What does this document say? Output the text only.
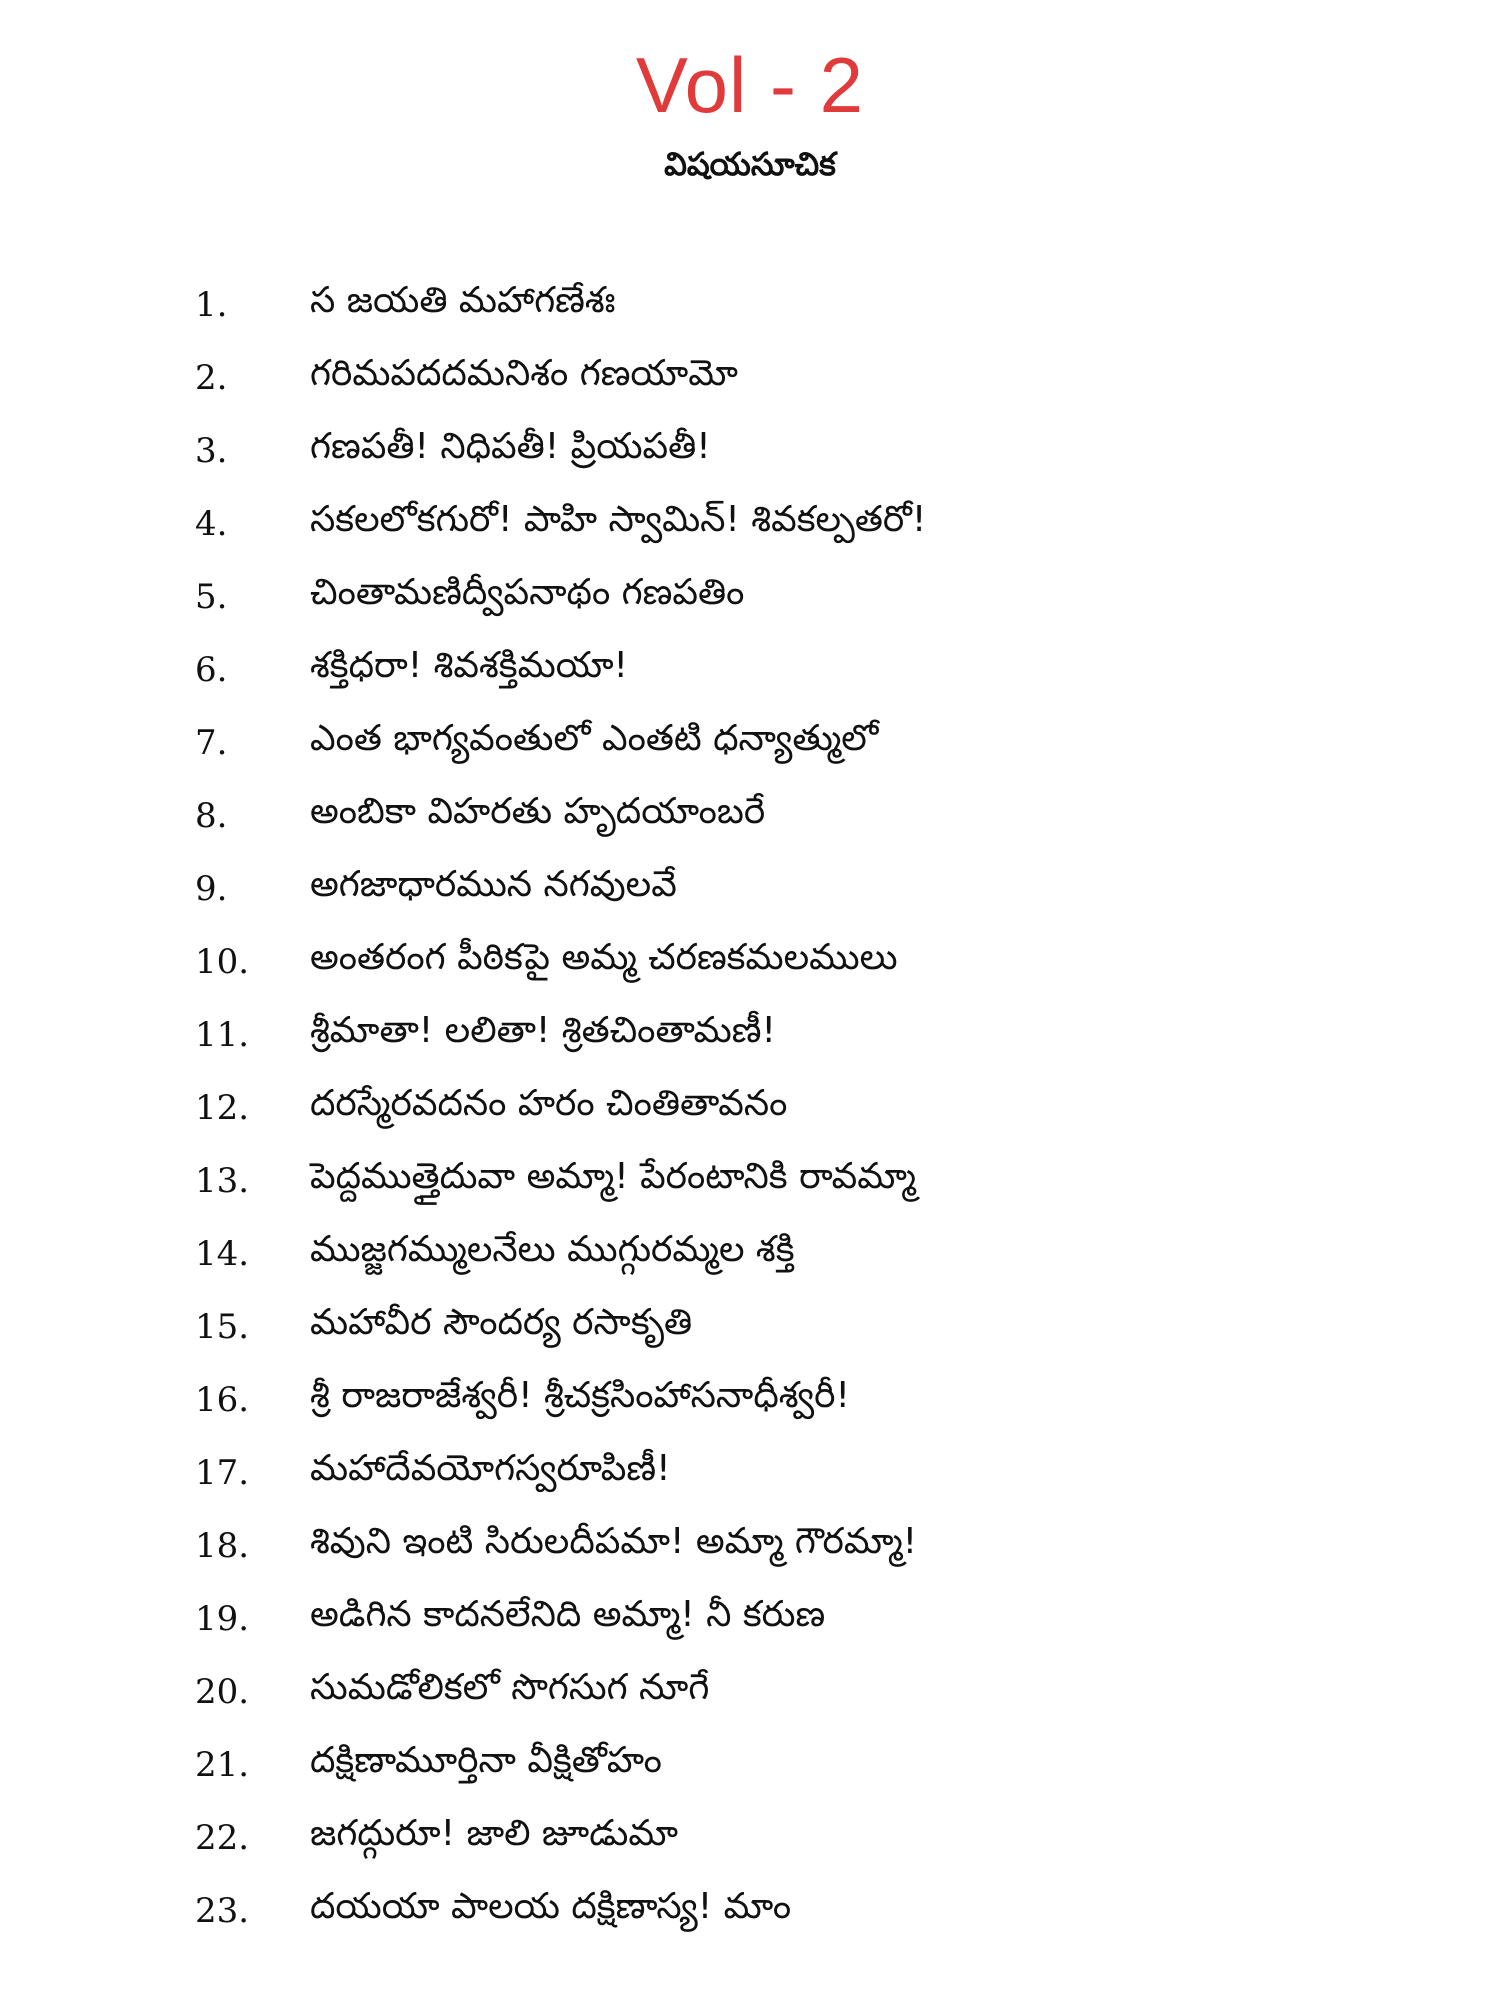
Vol - 2
విషయసూచిక
1.	స జయతి మహాగణేశః
2.	గరిమపదదమనిశం గణయామో
3.	గణపతీ! నిధిపతీ! ప్రియపతీ!
4.	సకలలోకగురో! పాహి స్వామిన్! శివకల్పతరో!
5.	చింతామణిద్వీపనాథం గణపతిం
6.	శక్తిధరా! శివశక్తిమయా!
7.	ఎంత భాగ్యవంతులో ఎంతటి ధన్యాత్ములో
8.	అంబికా విహరతు హృదయాంబరే
9.	అగజాధారమున నగవులవే
10.	అంతరంగ పీఠికపై అమ్మ చరణకమలములు
11.	శ్రీమాతా! లలితా! శ్రితచింతామణీ!
12.	దరస్మేరవదనం హరం చింతితావనం
13.	పెద్దముత్తైదువా అమ్మా! పేరంటానికి రావమ్మా
14.	ముజ్జగమ్ములనేలు ముగ్గురమ్మల శక్తి
15.	మహావీర సౌందర్య రసాకృతి
16.	శ్రీ రాజరాజేశ్వరీ! శ్రీచక్రసింహాసనాధీశ్వరీ!
17.	మహాదేవయోగస్వరూపిణీ!
18.	శివుని ఇంటి సిరులదీపమా! అమ్మా గౌరమ్మా!
19.	అడిగిన కాదనలేనిది అమ్మా! నీ కరుణ
20.	సుమడోలికలో సొగసుగ నూగే
21.	దక్షిణామూర్తినా వీక్షితోహం
22.	జగద్గురూ! జాలి జూడుమా
23.	దయయా పాలయ దక్షిణాస్య! మాం
